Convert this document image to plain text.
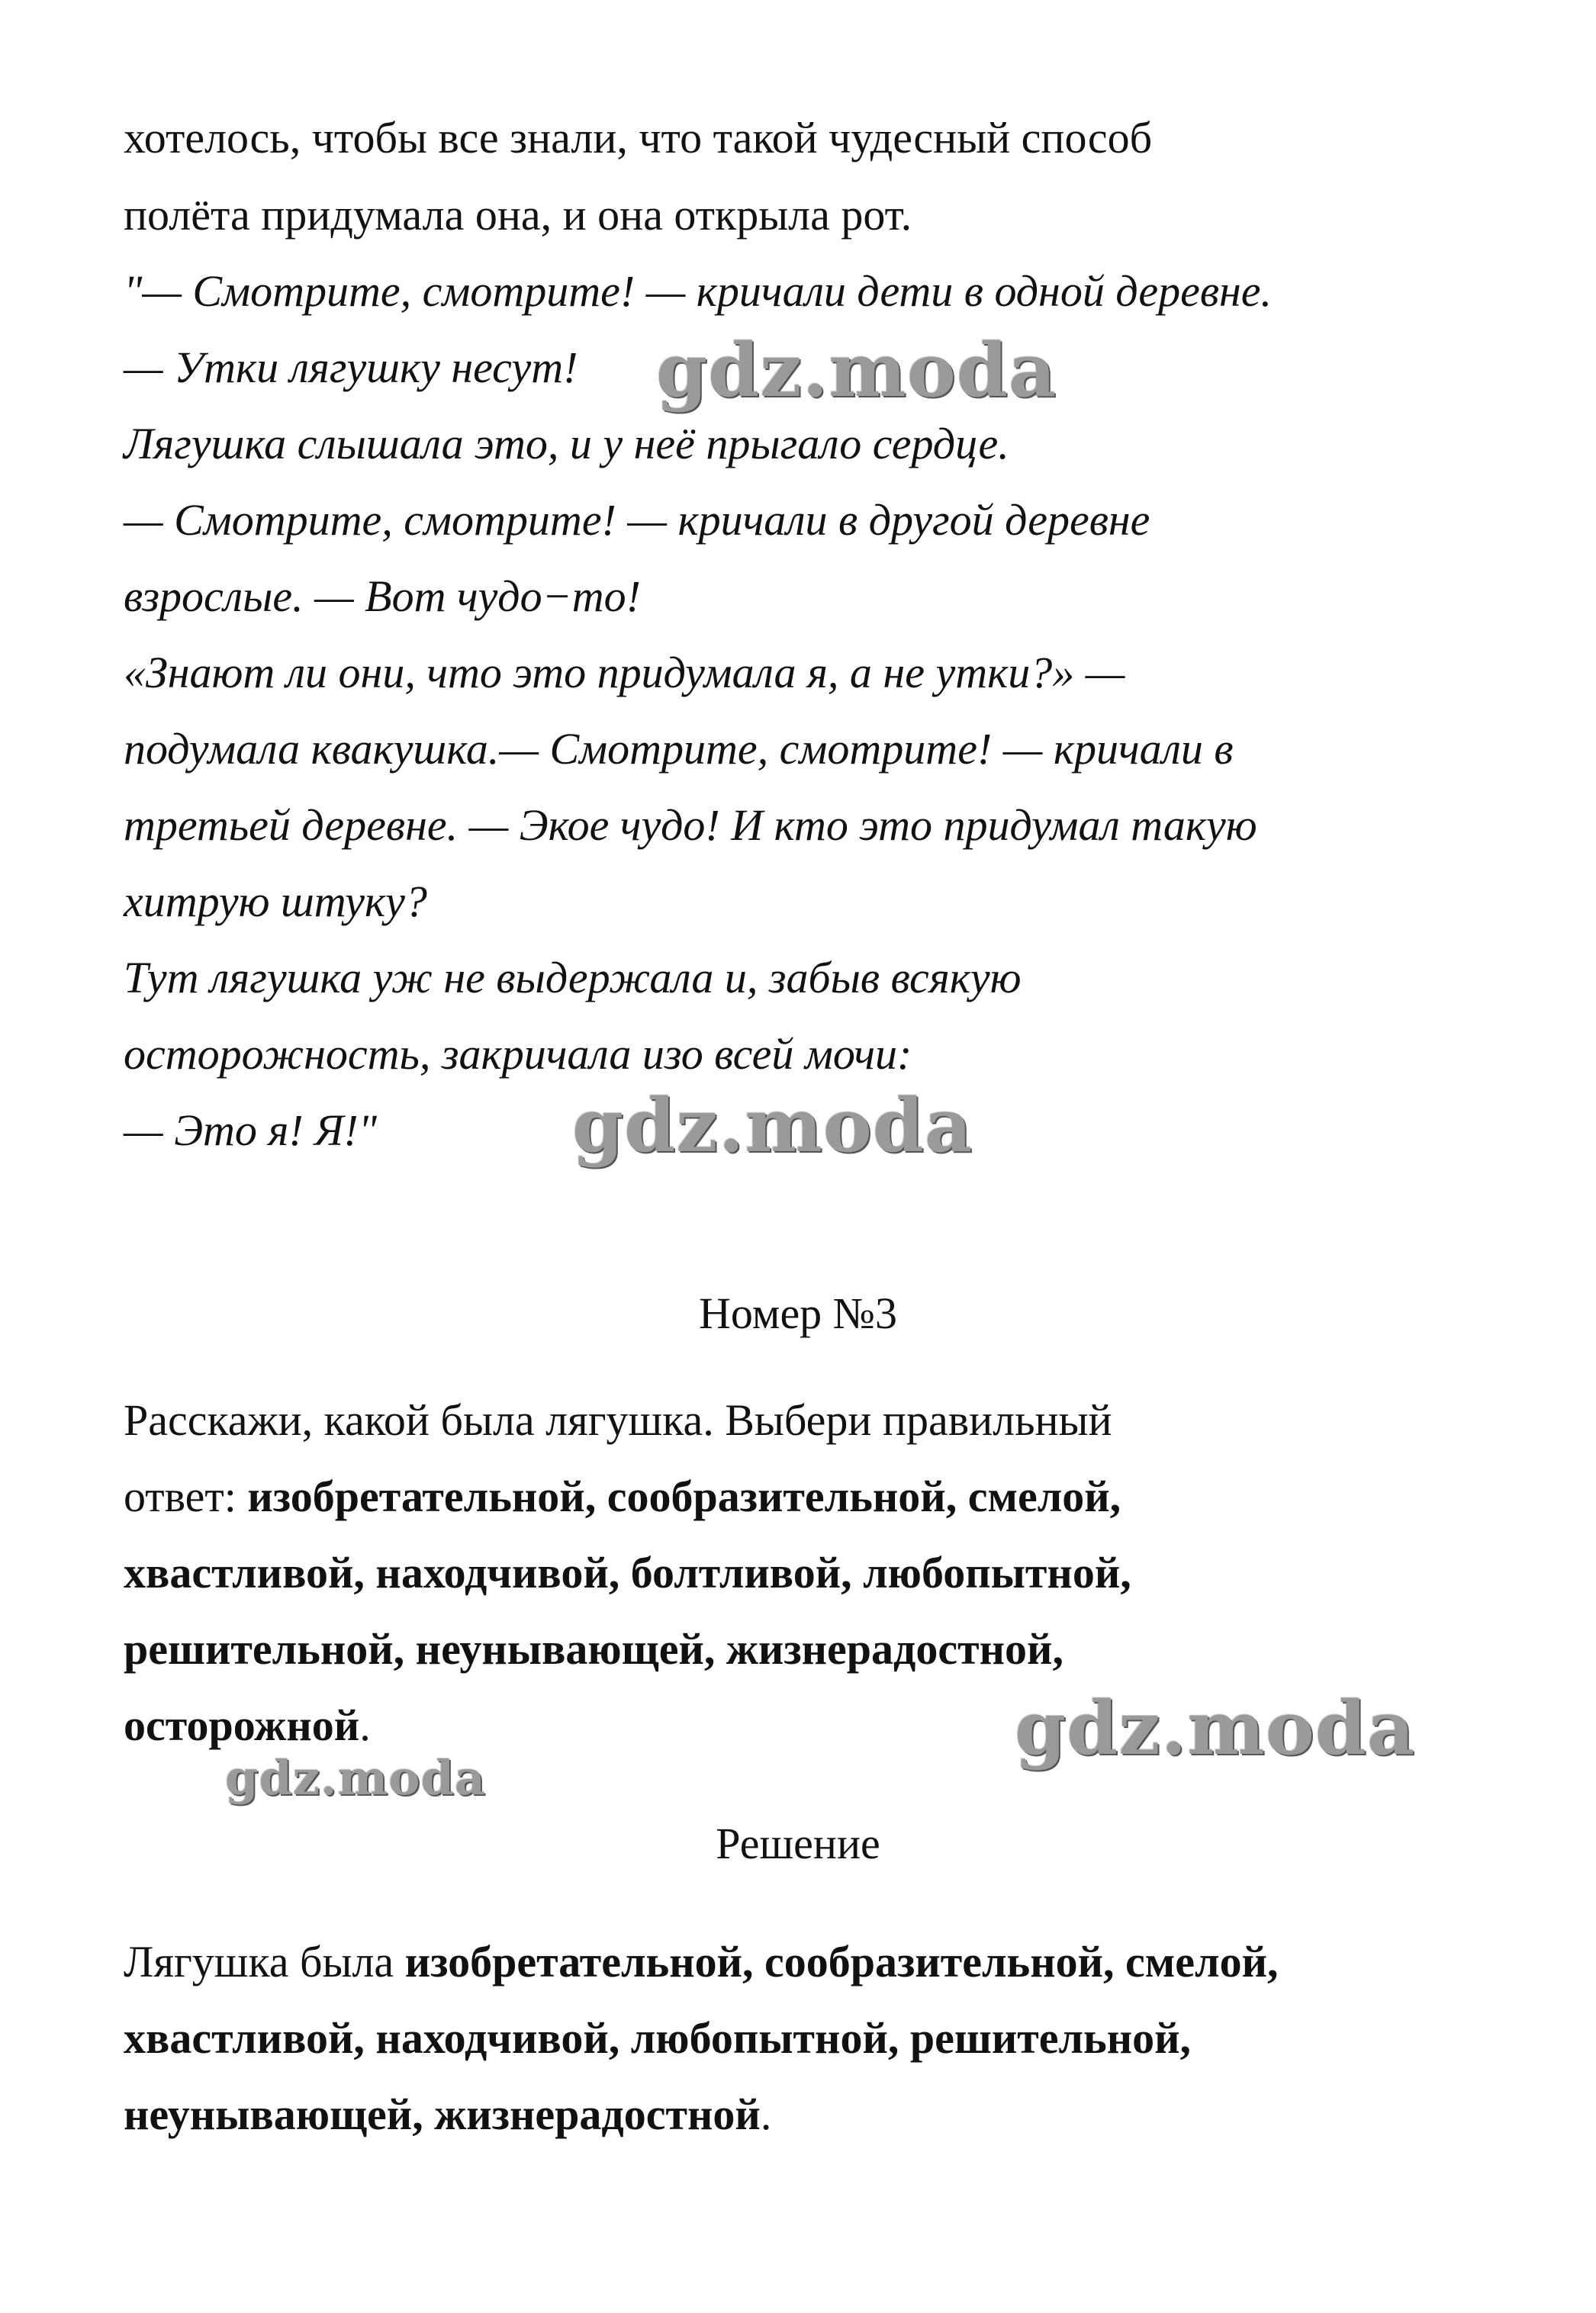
хотелось, чтобы все знали, что такой чудесный способ
полёта придумала она, и она открыла рот.
"— Смотрите, смотрите! — кричали дети в одной деревне.
— Утки лягушку несут!
Лягушка слышала это, и у неё прыгало сердце.
— Смотрите, смотрите! — кричали в другой деревне
взрослые. — Вот чудо−то!
«Знают ли они, что это придумала я, а не утки?» —
подумала квакушка.— Смотрите, смотрите! — кричали в
третьей деревне. — Экое чудо! И кто это придумал такую
хитрую штуку?
Тут лягушка уж не выдержала и, забыв всякую
осторожность, закричала изо всей мочи:
— Это я! Я!"
Номер №3
Расскажи, какой была лягушка. Выбери правильный
ответ: изобретательной, сообразительной, смелой,
хвастливой, находчивой, болтливой, любопытной,
решительной, неунывающей, жизнерадостной,
осторожной.
Решение
Лягушка была изобретательной, сообразительной, смелой,
хвастливой, находчивой, любопытной, решительной,
неунывающей, жизнерадостной.
gdz.moda
gdz.moda
gdz.moda
gdz.moda
